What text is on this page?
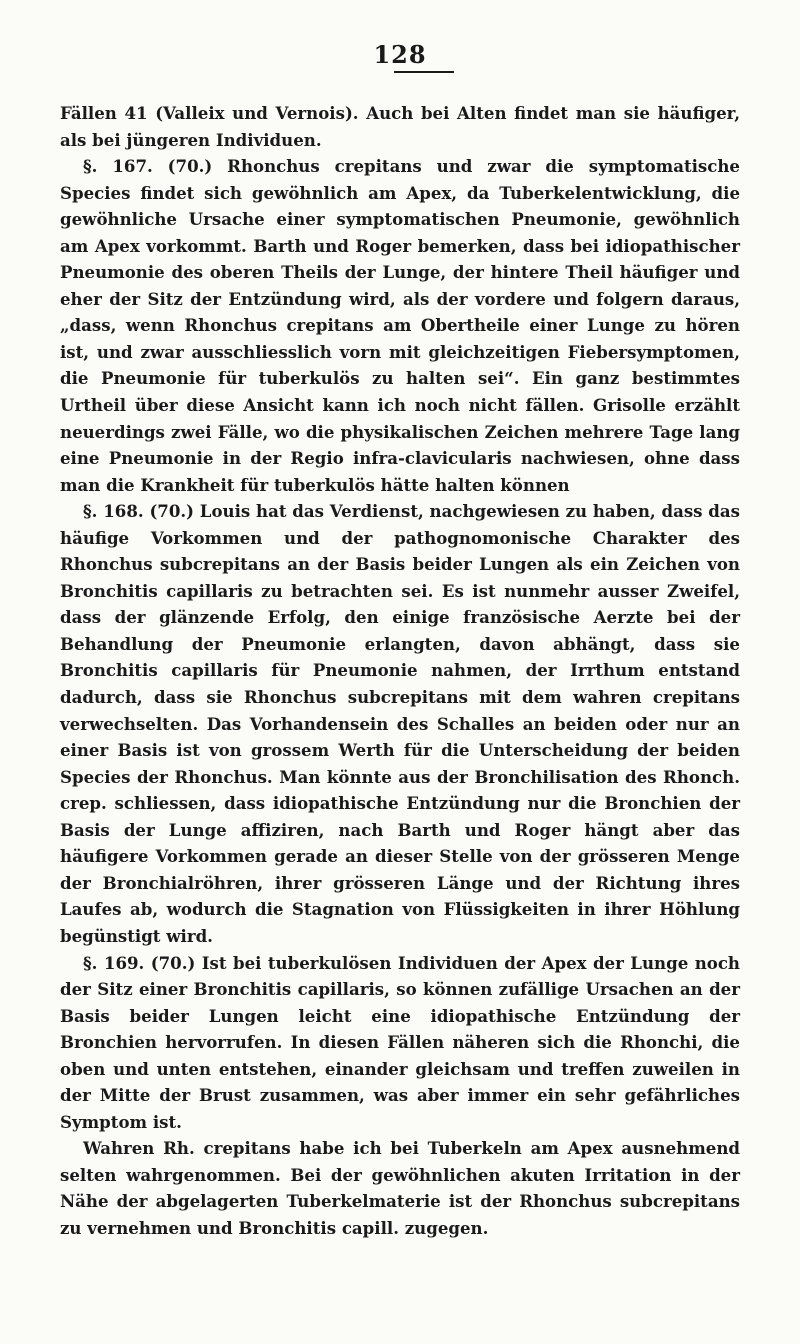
128

Fällen 41 (Valleix und Vernois). Auch bei Alten findet man sie häufiger, als bei jüngeren Individuen.

§. 167. (70.) Rhonchus crepitans und zwar die symptomatische Species findet sich gewöhnlich am Apex, da Tuberkelentwicklung, die gewöhnliche Ursache einer symptomatischen Pneumonie, gewöhnlich am Apex vorkommt. Barth und Roger bemerken, dass bei idiopathischer Pneumonie des oberen Theils der Lunge, der hintere Theil häufiger und eher der Sitz der Entzündung wird, als der vordere und folgern daraus, „dass, wenn Rhonchus crepitans am Obertheile einer Lunge zu hören ist, und zwar ausschliesslich vorn mit gleichzeitigen Fiebersymptomen, die Pneumonie für tuberkulös zu halten sei“. Ein ganz bestimmtes Urtheil über diese Ansicht kann ich noch nicht fällen. Grisolle erzählt neuerdings zwei Fälle, wo die physikalischen Zeichen mehrere Tage lang eine Pneumonie in der Regio infra-clavicularis nachwiesen, ohne dass man die Krankheit für tuberkulös hätte halten können

§. 168. (70.) Louis hat das Verdienst, nachgewiesen zu haben, dass das häufige Vorkommen und der pathognomonische Charakter des Rhonchus subcrepitans an der Basis beider Lungen als ein Zeichen von Bronchitis capillaris zu betrachten sei. Es ist nunmehr ausser Zweifel, dass der glänzende Erfolg, den einige französische Aerzte bei der Behandlung der Pneumonie erlangten, davon abhängt, dass sie Bronchitis capillaris für Pneumonie nahmen, der Irrthum entstand dadurch, dass sie Rhonchus subcrepitans mit dem wahren crepitans verwechselten. Das Vorhandensein des Schalles an beiden oder nur an einer Basis ist von grossem Werth für die Unterscheidung der beiden Species der Rhonchus. Man könnte aus der Bronchilisation des Rhonch. crep. schliessen, dass idiopathische Entzündung nur die Bronchien der Basis der Lunge affiziren, nach Barth und Roger hängt aber das häufigere Vorkommen gerade an dieser Stelle von der grösseren Menge der Bronchialröhren, ihrer grösseren Länge und der Richtung ihres Laufes ab, wodurch die Stagnation von Flüssigkeiten in ihrer Höhlung begünstigt wird.

§. 169. (70.) Ist bei tuberkulösen Individuen der Apex der Lunge noch der Sitz einer Bronchitis capillaris, so können zufällige Ursachen an der Basis beider Lungen leicht eine idiopathische Entzündung der Bronchien hervorrufen. In diesen Fällen näheren sich die Rhonchi, die oben und unten entstehen, einander gleichsam und treffen zuweilen in der Mitte der Brust zusammen, was aber immer ein sehr gefährliches Symptom ist.

Wahren Rh. crepitans habe ich bei Tuberkeln am Apex ausnehmend selten wahrgenommen. Bei der gewöhnlichen akuten Irritation in der Nähe der abgelagerten Tuberkelmaterie ist der Rhonchus subcrepitans zu vernehmen und Bronchitis capill. zugegen.
